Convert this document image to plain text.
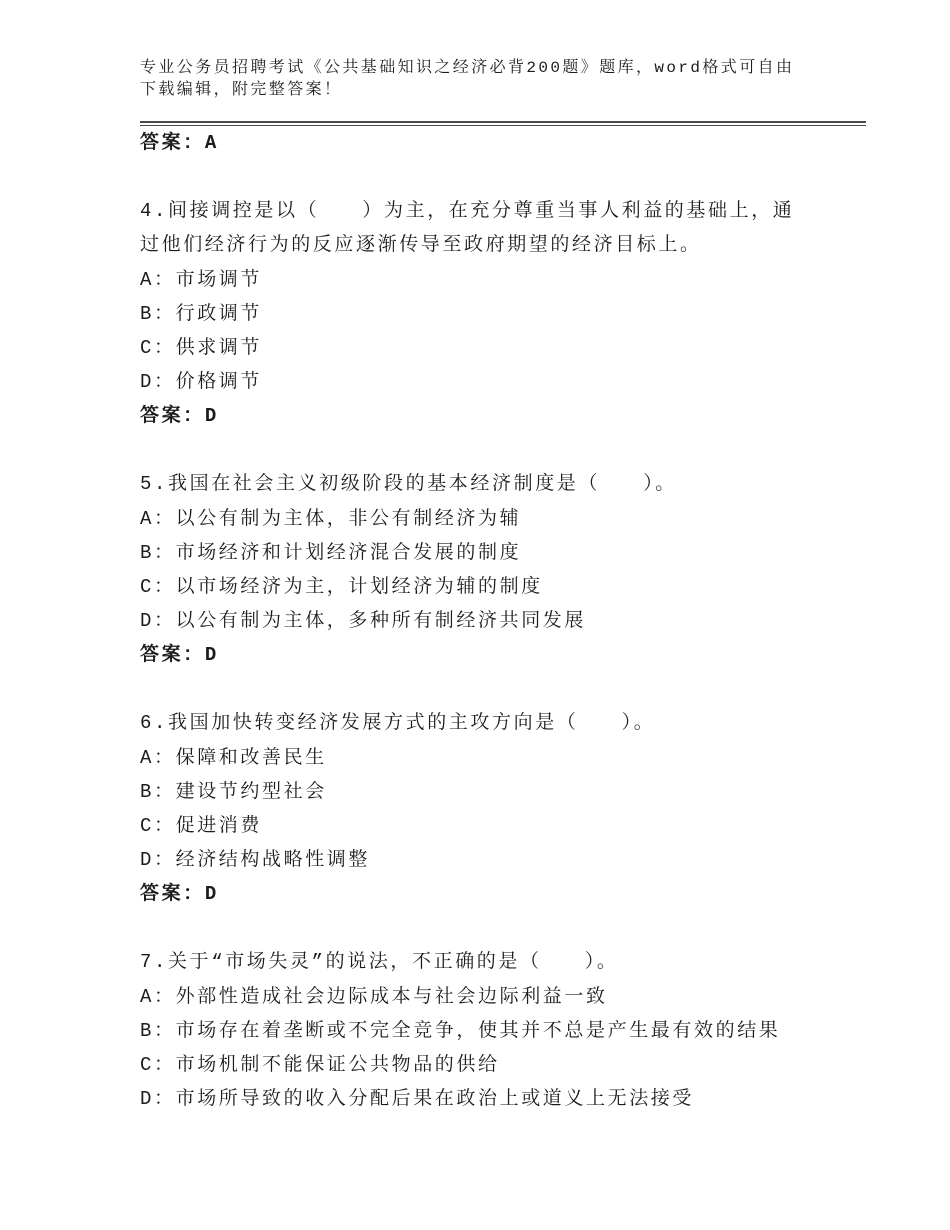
专业公务员招聘考试《公共基础知识之经济必背200题》题库，word格式可自由
下载编辑，附完整答案！
答案：A
4.间接调控是以（　　）为主，在充分尊重当事人利益的基础上，通
过他们经济行为的反应逐渐传导至政府期望的经济目标上。
A：市场调节
B：行政调节
C：供求调节
D：价格调节
答案：D
5.我国在社会主义初级阶段的基本经济制度是（　　）。
A：以公有制为主体，非公有制经济为辅
B：市场经济和计划经济混合发展的制度
C：以市场经济为主，计划经济为辅的制度
D：以公有制为主体，多种所有制经济共同发展
答案：D
6.我国加快转变经济发展方式的主攻方向是（　　）。
A：保障和改善民生
B：建设节约型社会
C：促进消费
D：经济结构战略性调整
答案：D
7.关于“市场失灵”的说法，不正确的是（　　）。
A：外部性造成社会边际成本与社会边际利益一致
B：市场存在着垄断或不完全竞争，使其并不总是产生最有效的结果
C：市场机制不能保证公共物品的供给
D：市场所导致的收入分配后果在政治上或道义上无法接受
